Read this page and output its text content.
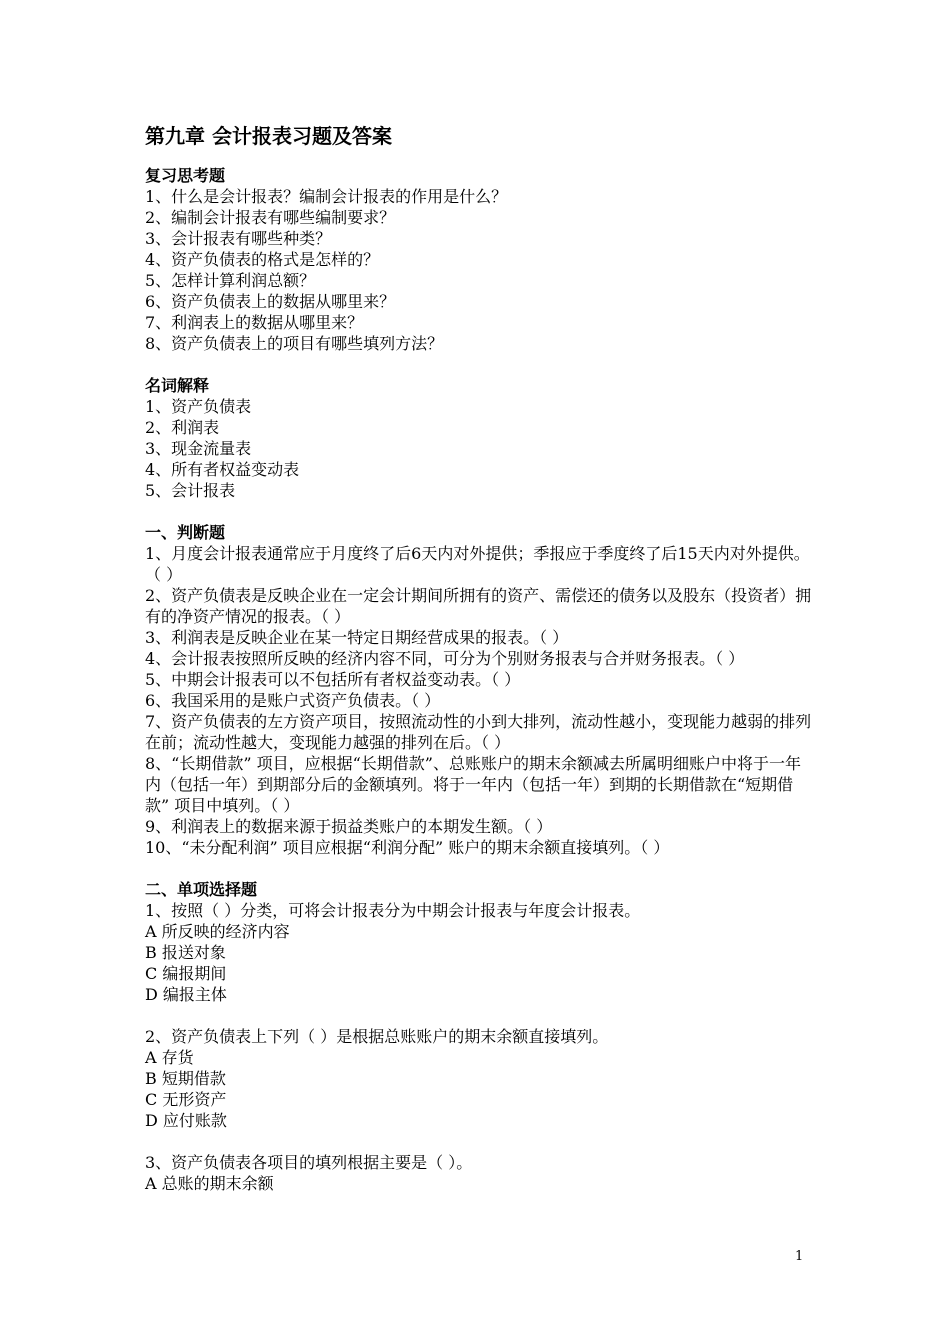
第九章 会计报表习题及答案
复习思考题
1、什么是会计报表？编制会计报表的作用是什么？
2、编制会计报表有哪些编制要求？
3、会计报表有哪些种类？
4、资产负债表的格式是怎样的？
5、怎样计算利润总额？
6、资产负债表上的数据从哪里来？
7、利润表上的数据从哪里来？
8、资产负债表上的项目有哪些填列方法？
名词解释
1、资产负债表
2、利润表
3、现金流量表
4、所有者权益变动表
5、会计报表
一、判断题
1、月度会计报表通常应于月度终了后6天内对外提供；季报应于季度终了后15天内对外提供。（ ）
2、资产负债表是反映企业在一定会计期间所拥有的资产、需偿还的债务以及股东（投资者）拥有的净资产情况的报表。（ ）
3、利润表是反映企业在某一特定日期经营成果的报表。（ ）
4、会计报表按照所反映的经济内容不同，可分为个别财务报表与合并财务报表。（ ）
5、中期会计报表可以不包括所有者权益变动表。（ ）
6、我国采用的是账户式资产负债表。（ ）
7、资产负债表的左方资产项目，按照流动性的小到大排列，流动性越小，变现能力越弱的排列在前；流动性越大，变现能力越强的排列在后。（ ）
8、“长期借款” 项目，应根据“长期借款”、总账账户的期末余额减去所属明细账户中将于一年内（包括一年）到期部分后的金额填列。将于一年内（包括一年）到期的长期借款在“短期借款” 项目中填列。（ ）
9、利润表上的数据来源于损益类账户的本期发生额。（ ）
10、“未分配利润” 项目应根据“利润分配” 账户的期末余额直接填列。（ ）
二、单项选择题
1、按照（ ）分类，可将会计报表分为中期会计报表与年度会计报表。
A 所反映的经济内容
B 报送对象
C 编报期间
D 编报主体
2、资产负债表上下列（ ）是根据总账账户的期末余额直接填列。
A 存货
B 短期借款
C 无形资产
D 应付账款
3、资产负债表各项目的填列根据主要是（ ）。
A 总账的期末余额
1
